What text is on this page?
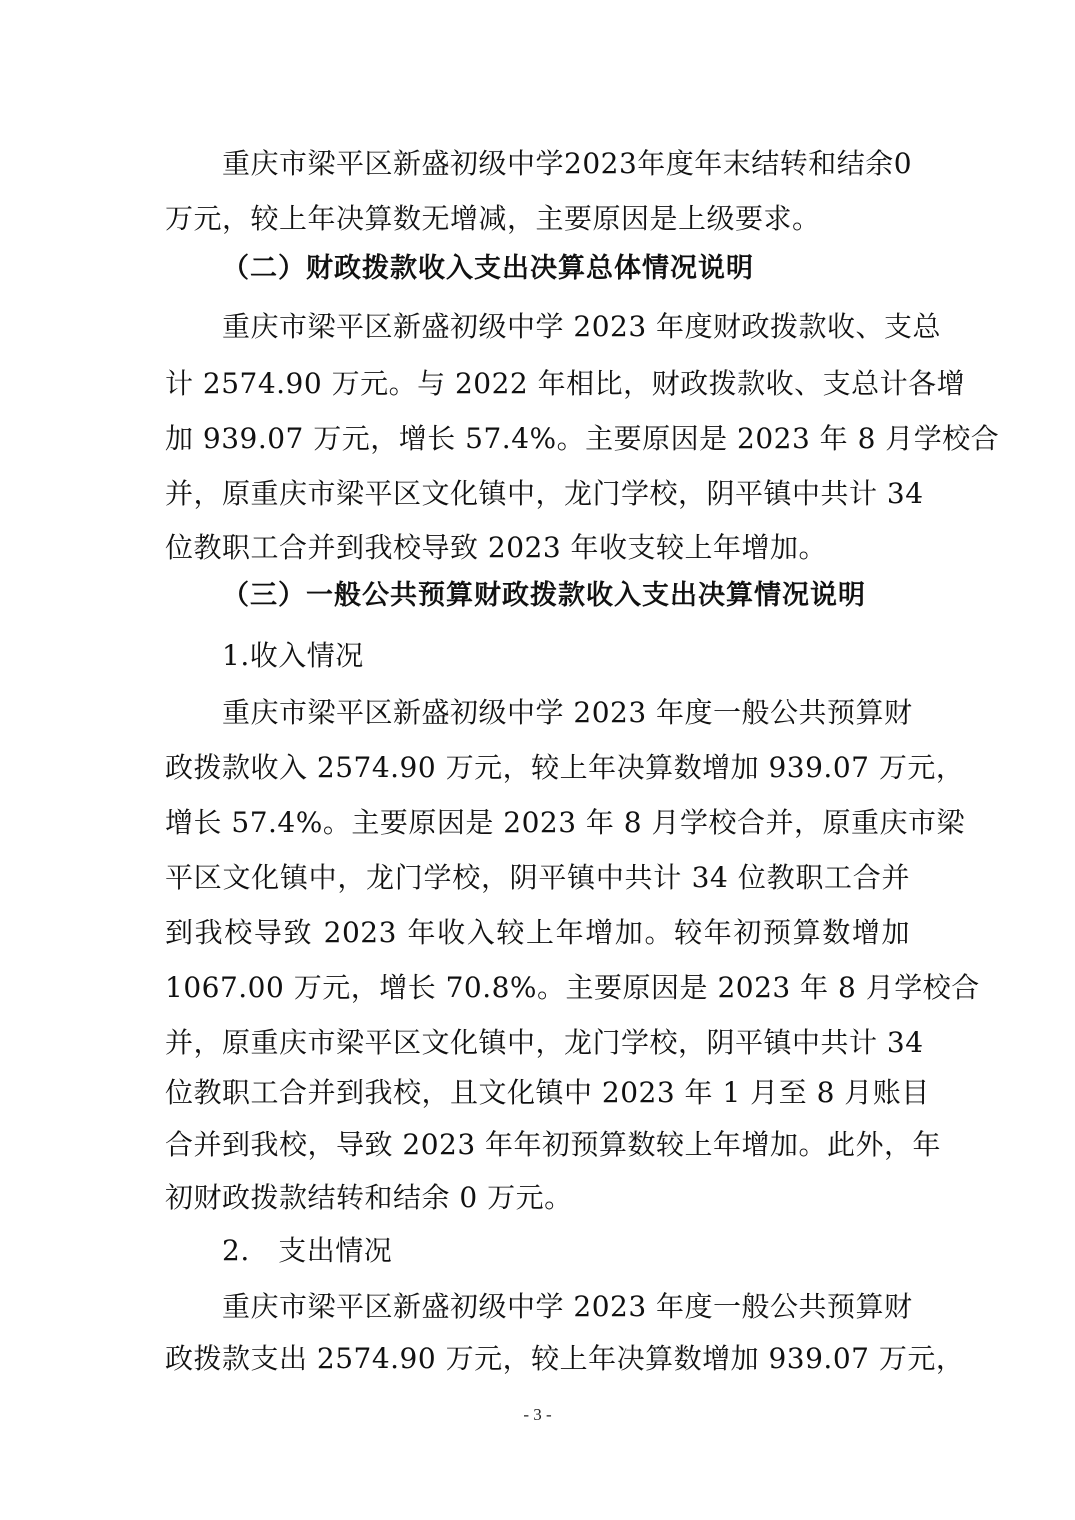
重庆市梁平区新盛初级中学2023年度年末结转和结余0
万元，较上年决算数无增减，主要原因是上级要求。
（二）财政拨款收入支出决算总体情况说明
重庆市梁平区新盛初级中学 2023 年度财政拨款收、支总
计 2574.90 万元。与 2022 年相比，财政拨款收、支总计各增
加 939.07 万元，增长 57.4%。主要原因是 2023 年 8 月学校合
并，原重庆市梁平区文化镇中，龙门学校，阴平镇中共计 34
位教职工合并到我校导致 2023 年收支较上年增加。
（三）一般公共预算财政拨款收入支出决算情况说明
1.收入情况
重庆市梁平区新盛初级中学 2023 年度一般公共预算财
政拨款收入 2574.90 万元，较上年决算数增加 939.07 万元，
增长 57.4%。主要原因是 2023 年 8 月学校合并，原重庆市梁
平区文化镇中，龙门学校，阴平镇中共计 34 位教职工合并
到我校导致 2023 年收入较上年增加。较年初预算数增加
1067.00 万元，增长 70.8%。主要原因是 2023 年 8 月学校合
并，原重庆市梁平区文化镇中，龙门学校，阴平镇中共计 34
位教职工合并到我校，且文化镇中 2023 年 1 月至 8 月账目
合并到我校，导致 2023 年年初预算数较上年增加。此外，年
初财政拨款结转和结余 0 万元。
2.　支出情况
重庆市梁平区新盛初级中学 2023 年度一般公共预算财
政拨款支出 2574.90 万元，较上年决算数增加 939.07 万元，
- 3 -
